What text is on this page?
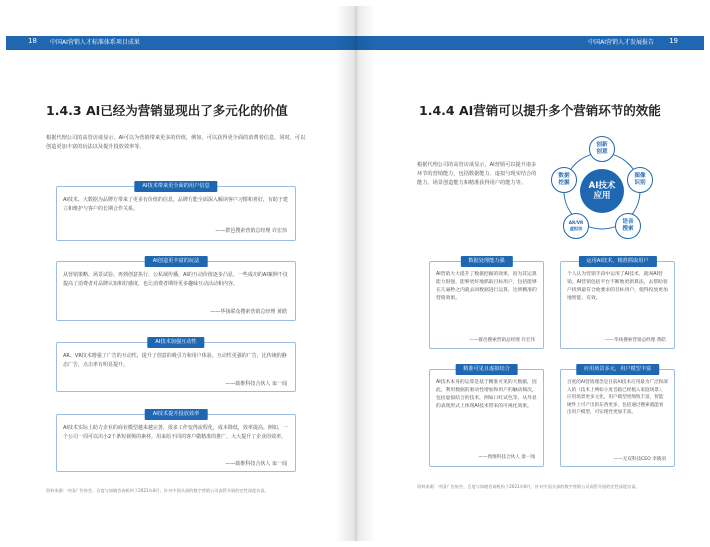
18 中国AI营销人才标准体系项目成果
1.4.3 AI已经为营销显现出了多元化的价值
根据代理公司的高管访谈显示，AI可以为营销带来更多的价值，例如，可以获得更全面的消费者信息，同时，可以创造更加丰富的玩法以及提升投放效率等。
AI技术带来更全面的用户信息
AI技术、大数据为品牌方带来了更多有价值的信息，品牌方能全面深入解读客户习惯和喜好，有助于建立和维护与客户的长期合作关系。
——群邑搜索营销总经理 许宏伟
AI创造更丰富的玩法
从营销策略、场景试验、再到创意执行、公私域传播，AI的互动价值逐步凸显，一些成功的AI案例不仅提高了消费者对品牌认知和好感度，也让消费者期待更多趣味互动活动和内容。
——华扬联众搜索营销总经理 黄皓
AI技术加强互动性
AR、VR技术增强了广告的互动性，提升了创意的吸引力和用户体验。互动性更强的广告，比传统的静态广告，点击率有明显提升。
——致维科技合伙人 栾一闻
AI技术提升投放效率
AI技术实际上助力企业的商业模型越来越完善，很多工作变得流程化，成本降低，效率提高。例如，一个公司一周可以出小2千条短视频的素材，用来给不同的客户做精准的推广，大大提升了企业的效率。
——致维科技合伙人 栾一闻
资料来源：中国广告协会、百度与知晓咨询机构于2021年8月，针对中国头部的数字营销公司高管开展的定性深度访谈。
中国AI营销人才发展报告 19
1.4.4 AI营销可以提升多个营销环节的效能
根据代理公司的高管访谈显示，AI营销可以提升诸多环节的营销能力，包括数据能力、虚拟与现实结合的能力、场景创造能力和精准获得用户的能力等。	AI技术
应用
创新
创意
图像
识别
语音
搜索
AR/VR
虚拟技
数据
挖掘
数据处理能力强
AI营销大大提升了数据挖掘的效果，因为其运算能力很强，能够更好地抓取目标用户，包括能够在几毫秒之内就去回数据进行运算，达到精准的营销效果。
——群邑搜索营销总经理 许宏伟
运用AI技术，精准抓取用户
个人认为营销手段中运用了AI技术，就叫AI营销。AI营销包括平台不断地更新算法，去帮助客户找到最符合他要求的目标用户，使得投放更加地智能、有效。
——华扬搜索营销总经理 黄皓
精准可见且虚拟结合
AI技术本身的运算是基于精准可见的大数据，因此，利用数据的驱动性增加和用户的触动频次，包括虚拟结合的技术，例如口红试色等，从外显的表现形式上体现AI技术带来的可视化效果。
——致维科技合伙人 栾一闻
应用场景多元，用户模型丰富
百度的AI营销理念是目前AI技术应用最为广泛和深入的（技术上例如小度音箱已经植入家庭场景），应用场景更多元化，用户模型更细致丰富，智能硬件上可产出的东西更多，包括通过搜索就能看出用户模型，可实现性更加丰富。
——无双科技CEO 李晓羽
资料来源：中国广告协会、百度与知晓咨询机构于2021年8月，针对中国头部的数字营销公司高管开展的定性深度访谈。
